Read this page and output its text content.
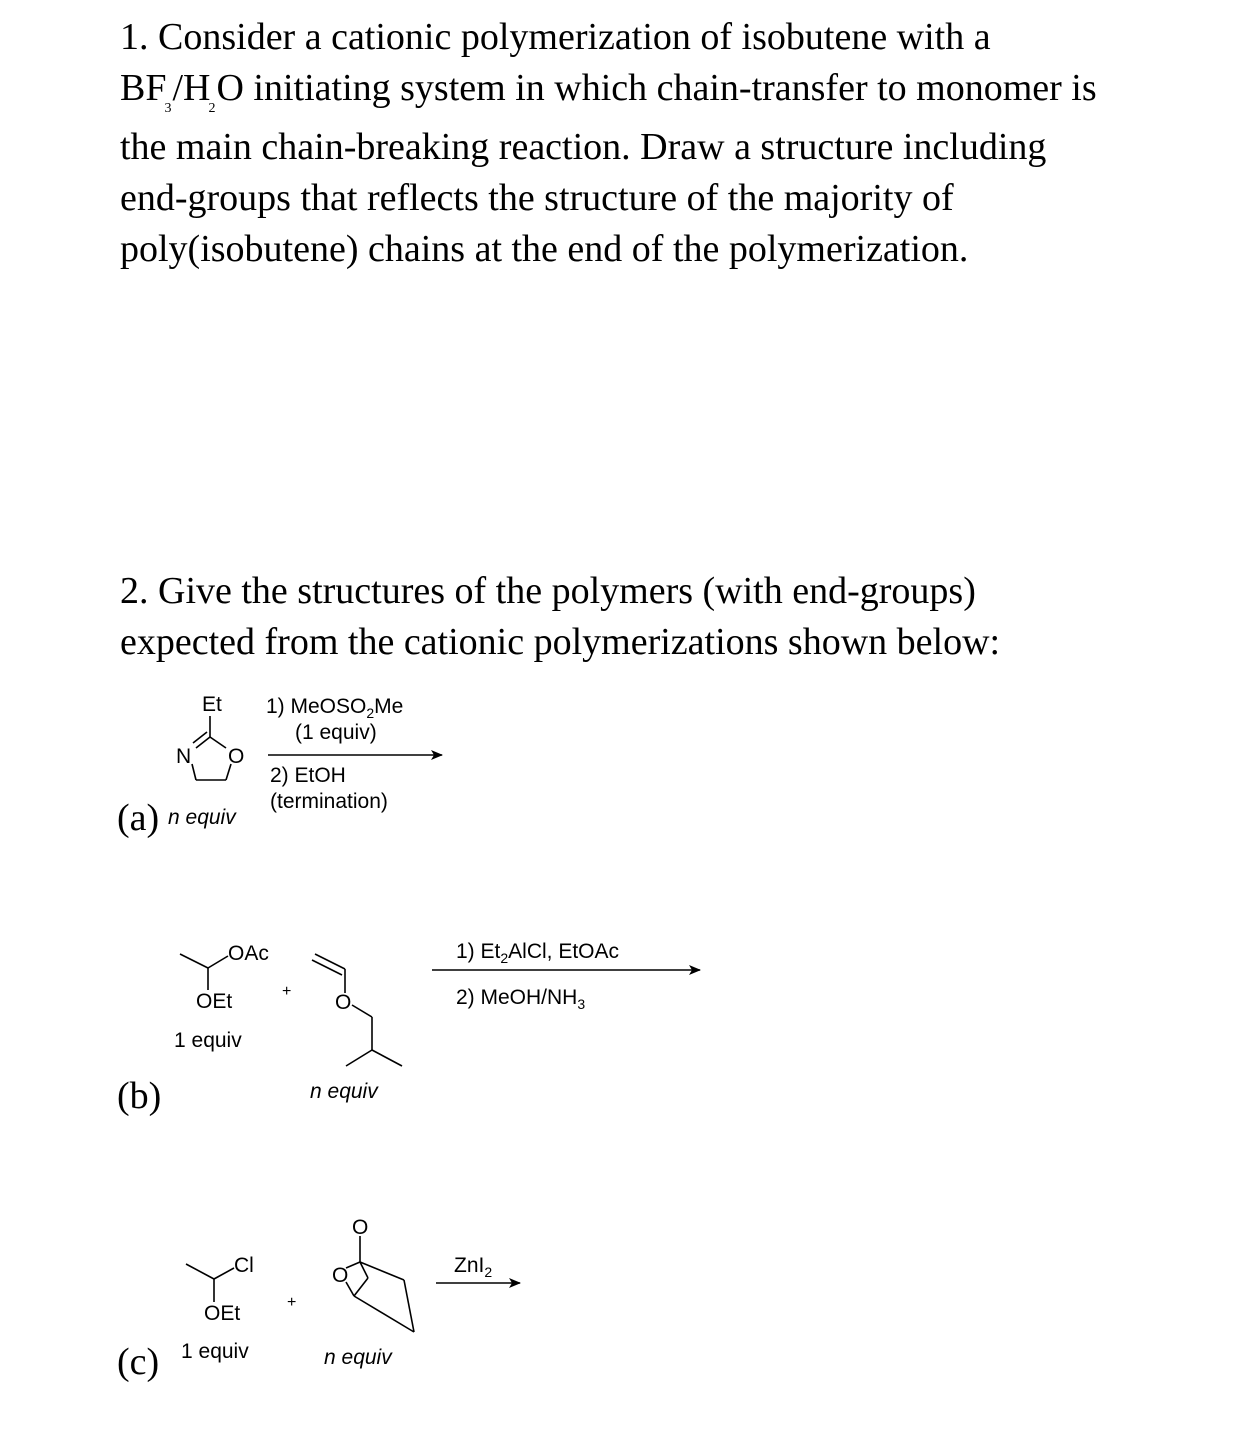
1. Consider a cationic polymerization of isobutene with a
$BF_3/H_2O$ initiating system in which chain-transfer to monomer is
the main chain-breaking reaction. Draw a structure including
end-groups that reflects the structure of the majority of
poly(isobutene) chains at the end of the polymerization.
2. Give the structures of the polymers (with end-groups)
expected from the cationic polymerizations shown below:
Et
N O
(a) n equiv
1) MeOSO$_2$Me
(1 equiv)
2) EtOH
(termination)
OAc
OEt
1 equiv
+ O
n equiv
(b)
1) $Et_2AlCl$, EtOAc
2) MeOH/$NH_3$
Cl
OEt
1 equiv
+
O
O
n equiv
(c)
ZnI$_2$
